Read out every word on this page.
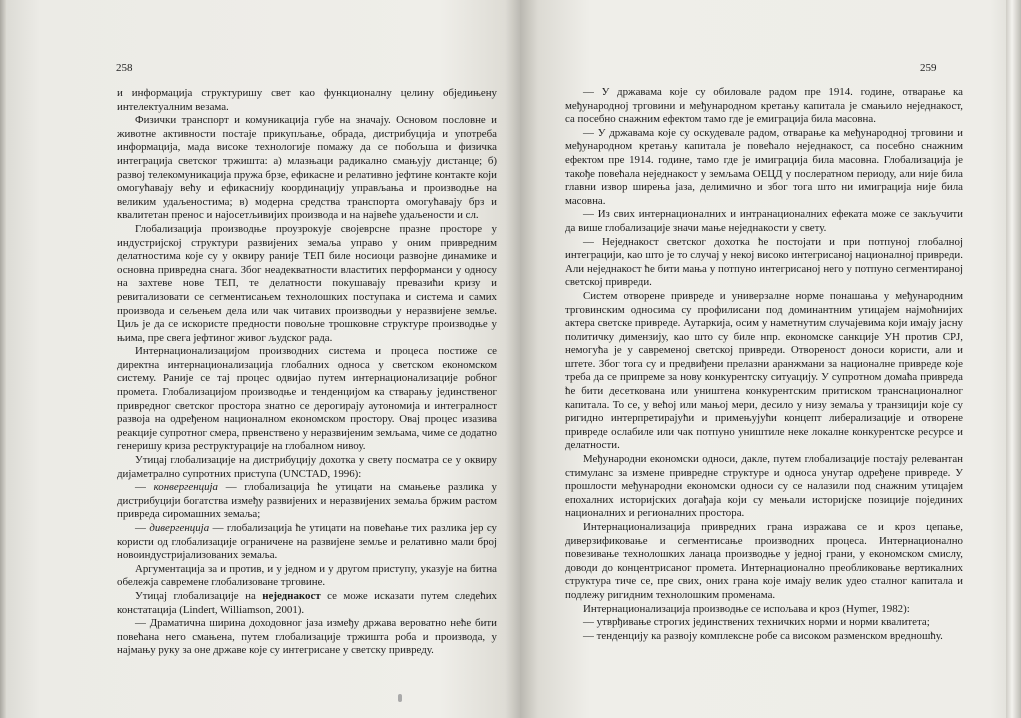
258

и информација структуришу свет као функционалну целину обједињену интелектуалним везама.

Физички транспорт и комуникација губе на значају. Основом пословне и животне активности постаје прикупљање, обрада, дистрибуција и употреба информација, мада високе технологије помажу да се побољша и физичка интеграција светског тржишта: а) млазњаци радикално смањују дистанце; б) развој телекомуникација пружа брзе, ефикасне и релативно јефтине контакте који омогућавају већу и ефикаснију координацију управљања и производње на великим удаљеностима; в) модерна средства транспорта омогућавају брз и квалитетан пренос и најосетљивијих производа и на највеће удаљености и сл.

Глобализација производње проузрокује својеврсне празне просторе у индустријској структури развијених земаља управо у оним привредним делатностима које су у оквиру раније ТЕП биле носиоци развојне динамике и основна привредна снага. Због неадекватности властитих перформанси у односу на захтеве нове ТЕП, те делатности покушавају превазићи кризу и ревитализовати се сегментисањем технолошких поступака и система и самих производа и сељењем дела или чак читавих производњи у неразвијене земље. Циљ је да се искористе предности повољне трошковне структуре производње у њима, пре свега јефтиног живог људског рада.

Интернационализацијом производних система и процеса постиже се директна интернационализација глобалних односа у светском економском систему. Раније се тај процес одвијао путем интернационализације робног промета. Глобализацијом производње и тенденцијом ка стварању јединственог привредног светског простора знатно се дерогирају аутономија и интегралност развоја на одређеном националном економском простору. Овај процес изазива реакције супротног смера, првенствено у неразвијеним земљама, чиме се додатно генеришу криза реструктурације на глобалном нивоу.

Утицај глобализације на дистрибуцију дохотка у свету посматра се у оквиру дијаметрално супротних приступа (UNCTAD, 1996):

— конвергенција — глобализација ће утицати на смањење разлика у дистрибуцији богатства између развијених и неразвијених земаља бржим растом привреда сиромашних земаља;

— дивергенција — глобализација ће утицати на повећање тих разлика јер су користи од глобализације ограничене на развијене земље и релативно мали број новоиндустријализованих земаља.

Аргументација за и против, и у једном и у другом приступу, указује на битна обележја савремене глобализоване трговине.

Утицај глобализације на неједнакост се може исказати путем следећих констатација (Lindert, Williamson, 2001).

— Драматична ширина доходовног јаза између држава вероватно неће бити повећана него смањена, путем глобализације тржишта роба и производа, у најмању руку за оне државе које су интегрисане у светску привреду.

259

— У државама које су обиловале радом пре 1914. године, отварање ка међународној трговини и међународном кретању капитала је смањило неједнакост, са посебно снажним ефектом тамо где је емиграција била масовна.

— У државама које су оскудевале радом, отварање ка међународној трговини и међународном кретању капитала је повећало неједнакост, са посебно снажним ефектом пре 1914. године, тамо где је имиграција била масовна. Глобализација је такође повећала неједнакост у земљама ОЕЦД у послератном периоду, али није била главни извор ширења јаза, делимично и због тога што ни имиграција није била масовна.

— Из свих интернационалних и интранационалних ефеката може се закључити да више глобализације значи мање неједнакости у свету.

— Неједнакост светског дохотка ће постојати и при потпуној глобалној интеграцији, као што је то случај у некој високо интегрисаној националној привреди. Али неједнакост ће бити мања у потпуно интегрисаној него у потпуно сегментираној светској привреди.

Систем отворене привреде и универзалне норме понашања у међународним трговинским односима су профилисани под доминантним утицајем најмоћнијих актера светске привреде. Аутаркија, осим у наметнутим случајевима који имају јасну политичку димензију, као што су биле нпр. економске санкције УН против СРЈ, немогућа је у савременој светској привреди. Отвореност доноси користи, али и штете. Због тога су и предвиђени прелазни аранжмани за националне привреде које треба да се припреме за нову конкурентску ситуацију. У супротном домаћа привреда ће бити десеткована или уништена конкурентским притиском транснационалног капитала. То се, у већој или мањој мери, десило у низу земаља у транзицији које су ригидно интерпретирајући и примењујући концепт либерализације и отворене привреде ослабиле или чак потпуно уништиле неке локалне конкурентске ресурсе и делатности.

Међународни економски односи, дакле, путем глобализације постају релевантан стимуланс за измене привредне структуре и односа унутар одређене привреде. У прошлости међународни економски односи су се налазили под снажним утицајем епохалних историјских догађаја који су мењали историјске позиције појединих националних и регионалних простора.

Интернационализација привредних грана изражава се и кроз цепање, диверзификовање и сегментисање производних процеса. Интернационално повезивање технолошких ланаца производње у једној грани, у економском смислу, доводи до концентрисаног промета. Интернационално преобликовање вертикалних структура тиче се, пре свих, оних грана које имају велик удео сталног капитала и подлежу ригидним технолошким променама.

Интернационализација производње се испољава и кроз (Hymer, 1982):

— утврђивање строгих јединствених техничких норми и норми квалитета;

— тенденцију ка развоју комплексне робе са високом разменском вредношћу.
